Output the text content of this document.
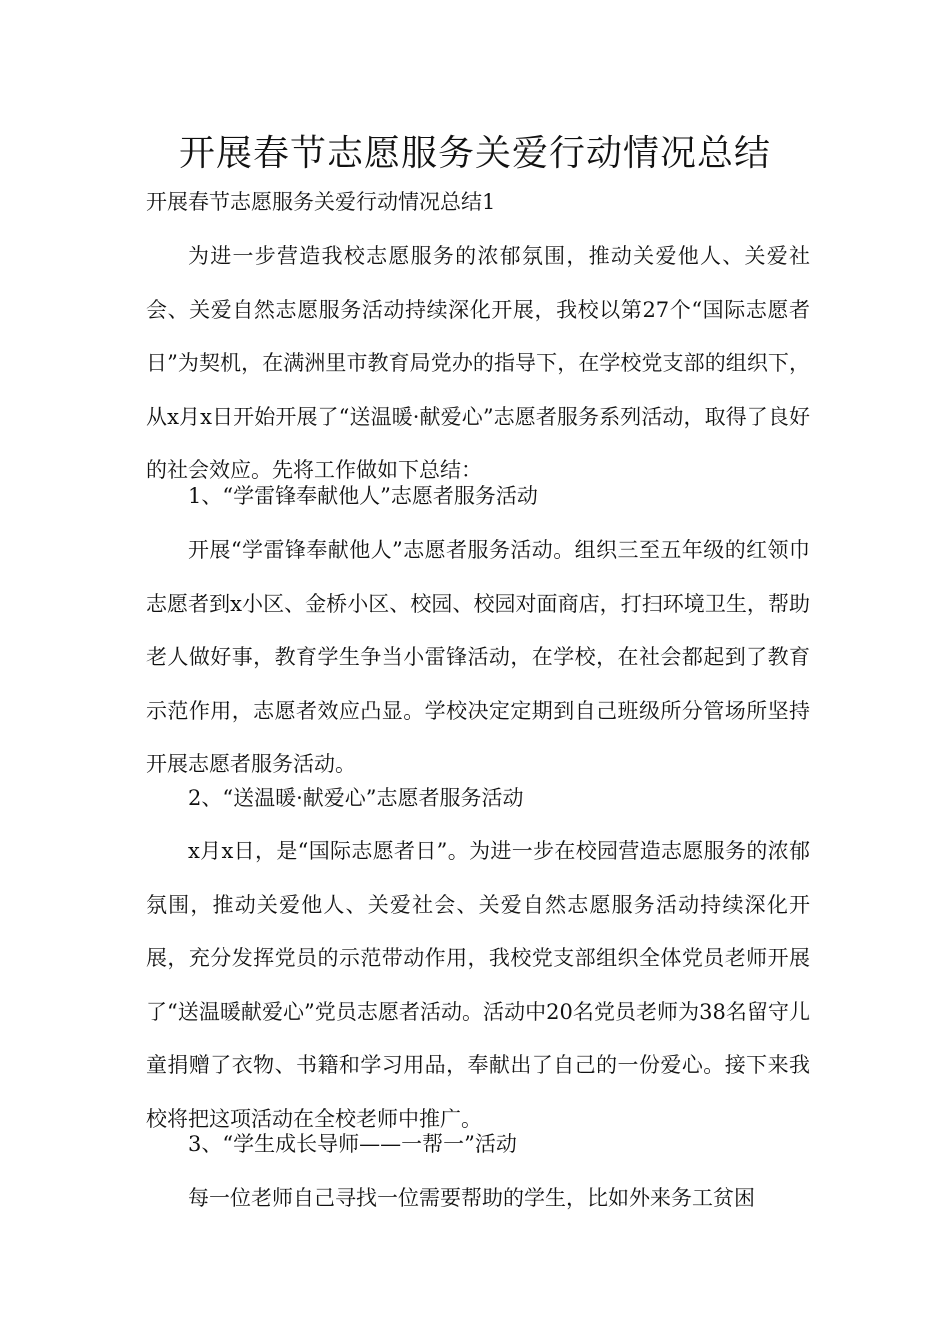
开展春节志愿服务关爱行动情况总结

开展春节志愿服务关爱行动情况总结1

为进一步营造我校志愿服务的浓郁氛围，推动关爱他人、关爱社会、关爱自然志愿服务活动持续深化开展，我校以第27个“国际志愿者日”为契机，在满洲里市教育局党办的指导下，在学校党支部的组织下，从x月x日开始开展了“送温暖·献爱心”志愿者服务系列活动，取得了良好的社会效应。先将工作做如下总结：

1、“学雷锋奉献他人”志愿者服务活动

开展“学雷锋奉献他人”志愿者服务活动。组织三至五年级的红领巾志愿者到x小区、金桥小区、校园、校园对面商店，打扫环境卫生，帮助老人做好事，教育学生争当小雷锋活动，在学校，在社会都起到了教育示范作用，志愿者效应凸显。学校决定定期到自己班级所分管场所坚持开展志愿者服务活动。

2、“送温暖·献爱心”志愿者服务活动

x月x日，是“国际志愿者日”。为进一步在校园营造志愿服务的浓郁氛围，推动关爱他人、关爱社会、关爱自然志愿服务活动持续深化开展，充分发挥党员的示范带动作用，我校党支部组织全体党员老师开展了“送温暖献爱心”党员志愿者活动。活动中20名党员老师为38名留守儿童捐赠了衣物、书籍和学习用品，奉献出了自己的一份爱心。接下来我校将把这项活动在全校老师中推广。

3、“学生成长导师——一帮一”活动

每一位老师自己寻找一位需要帮助的学生，比如外来务工贫困
